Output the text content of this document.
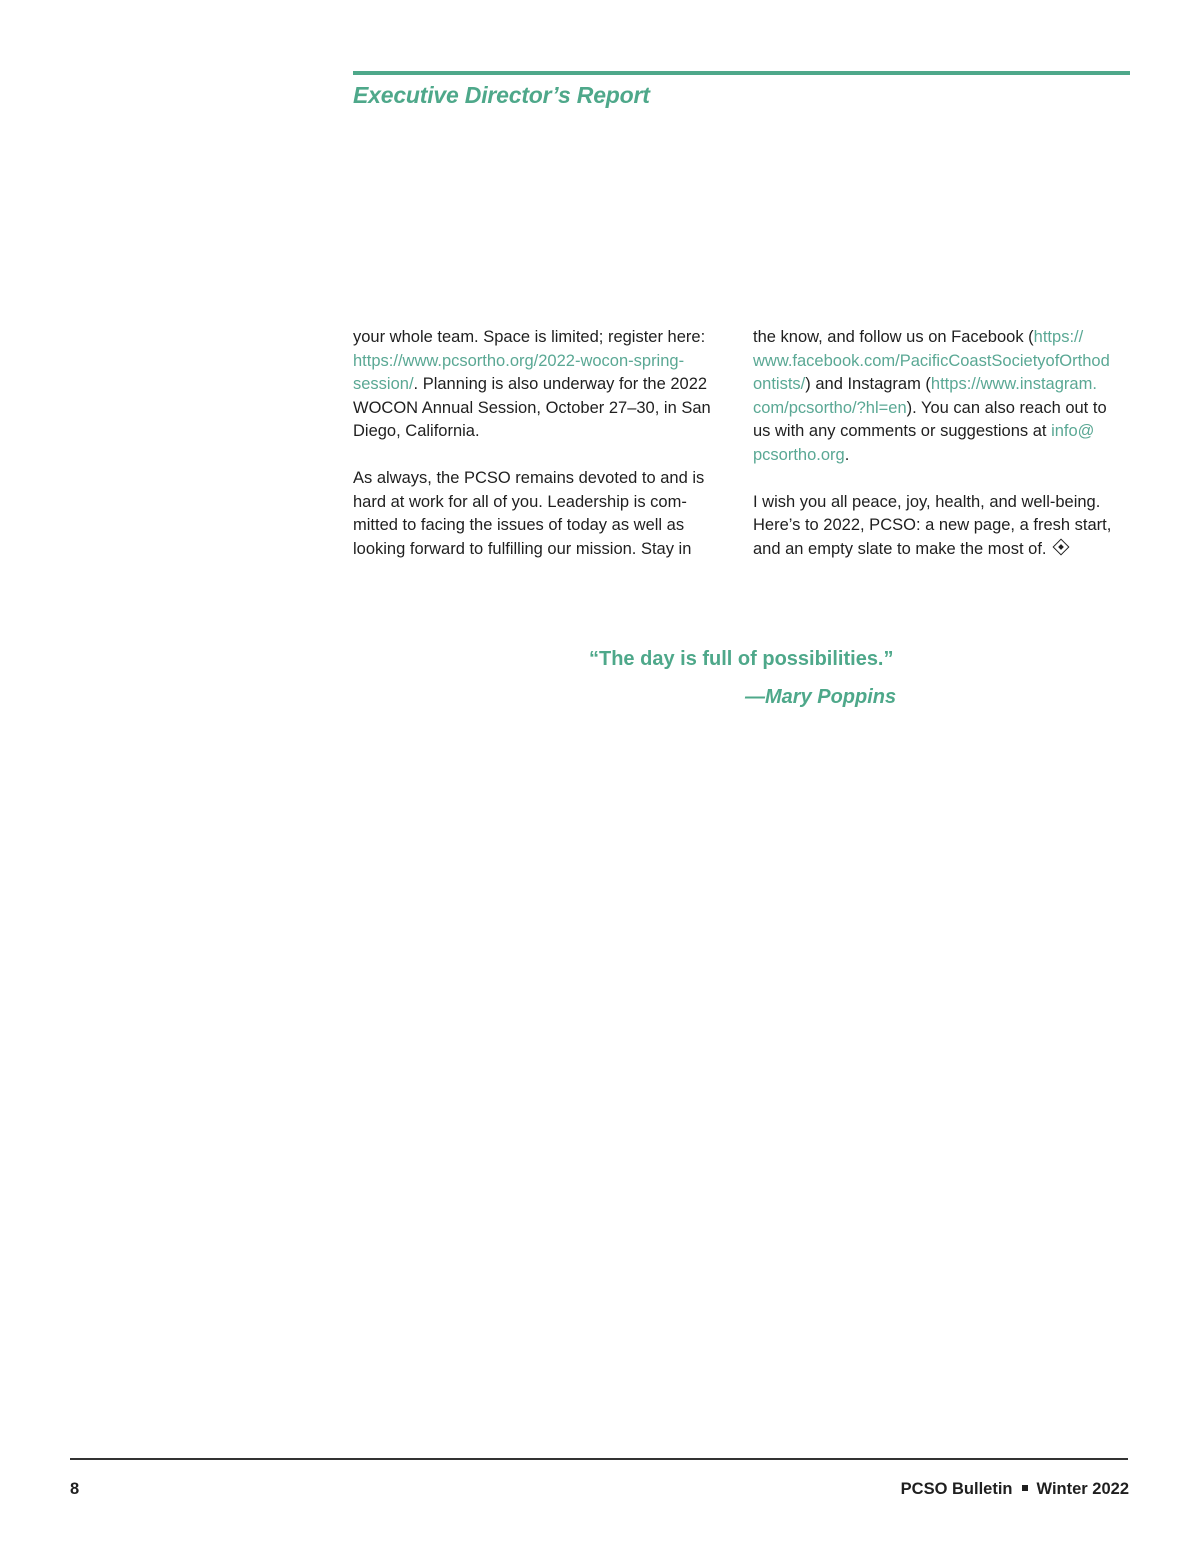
Executive Director’s Report

your whole team. Space is limited; register here:
https://www.pcsortho.org/2022-wocon-spring-
session/. Planning is also underway for the 2022
WOCON Annual Session, October 27–30, in San
Diego, California.

As always, the PCSO remains devoted to and is
hard at work for all of you. Leadership is com-
mitted to facing the issues of today as well as
looking forward to fulfilling our mission. Stay in

the know, and follow us on Facebook (https://
www.facebook.com/PacificCoastSocietyofOrthod
ontists/) and Instagram (https://www.instagram.
com/pcsortho/?hl=en). You can also reach out to
us with any comments or suggestions at info@
pcsortho.org.

I wish you all peace, joy, health, and well-being.
Here’s to 2022, PCSO: a new page, a fresh start,
and an empty slate to make the most of.

“The day is full of possibilities.”
—Mary Poppins
8	PCSO Bulletin Winter 2022
